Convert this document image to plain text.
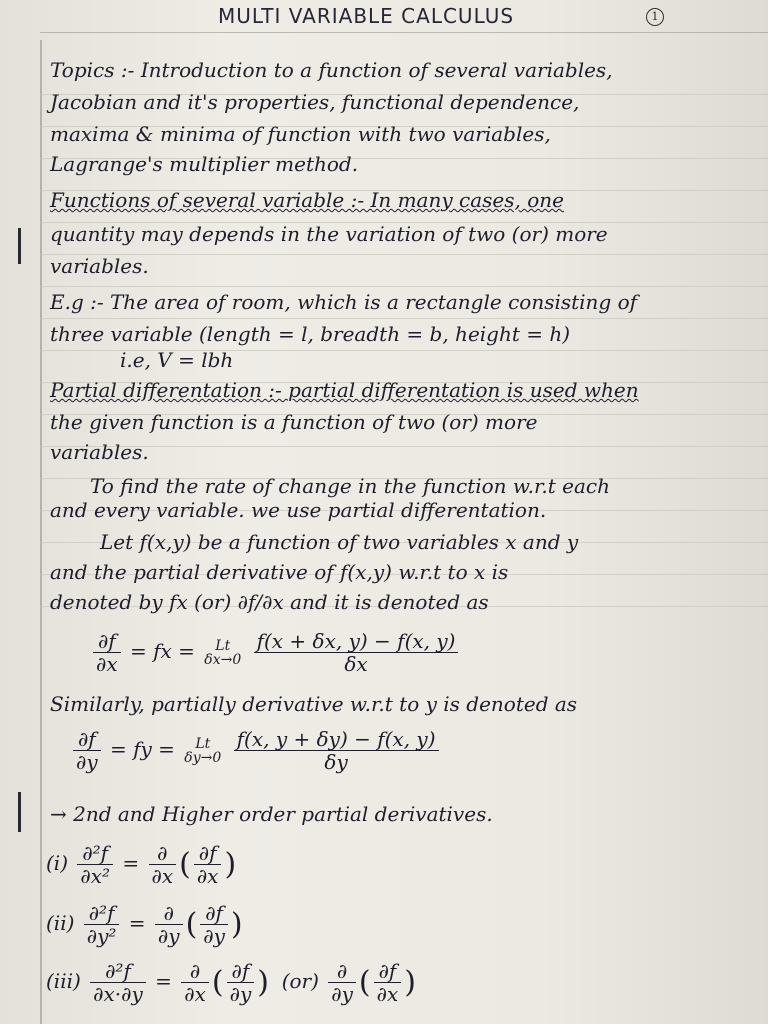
MULTI VARIABLE CALCULUS	1
Topics :- Introduction to a function of several variables,
Jacobian and it's properties, functional dependence,
maxima & minima of function with two variables,
Lagrange's multiplier method.
Functions of several variable :- In many cases, one
quantity may depends in the variation of two (or) more
variables.
E.g :- The area of room, which is a rectangle consisting of
three variable (length = l, breadth = b, height = h)
i.e, V = lbh
Partial differentation :- partial differentation is used when
the given function is a function of two (or) more
variables.
To find the rate of change in the function w.r.t each
and every variable. we use partial differentation.
Let f(x,y) be a function of two variables x and y
and the partial derivative of f(x,y) w.r.t to x is
denoted by fx (or) ∂f/∂x and it is denoted as
$\frac{\partial f}{\partial x}$ = fx = Lt
$\delta x\to 0 \frac{f(x + \delta x, y) - f(x, y)}{\delta x}$
Similarly, partially derivative w.r.t to y is denoted as
$\frac{\partial f}{\partial y}$ = fy = Lt
$\delta y\to 0 \frac{f(x, y + \delta y) - f(x, y)}{\delta y}$
→ 2nd and Higher order partial derivatives.
$(i) \frac{\text{∂²f}}{\text{∂x²}} = \frac{\partial}{\partial x}$ ( $\frac{\partial f}{\partial x}$ )
$(ii) \frac{\text{∂²f}}{\text{∂y²}} = \frac{\partial}{\partial y}$ ( $\frac{\partial f}{\partial y}$ )
$(iii) \frac{\text{∂²f}}{\partial x\cdot\partial y} = \frac{\partial}{\partial x}$ ( $\frac{\partial f}{\partial y}$ ) $(or) \frac{\partial}{\partial y}$ ( $\frac{\partial f}{\partial x}$ )
